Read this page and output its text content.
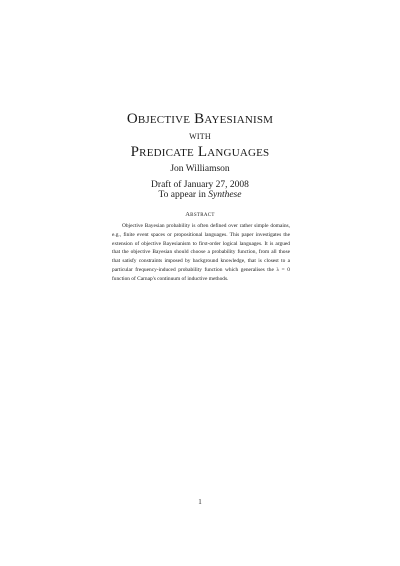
Objective Bayesianism
with
Predicate Languages
Jon Williamson
Draft of January 27, 2008
To appear in Synthese
Abstract

Objective Bayesian probability is often defined over rather simple domains, e.g., finite event spaces or propositional languages. This paper investigates the extension of objective Bayesianism to first-order logical languages. It is argued that the objective Bayesian should choose a probability function, from all those that satisfy constraints imposed by background knowledge, that is closest to a particular frequency-induced probability function which generalises the λ = 0 function of Carnap's continuum of inductive methods.

1
